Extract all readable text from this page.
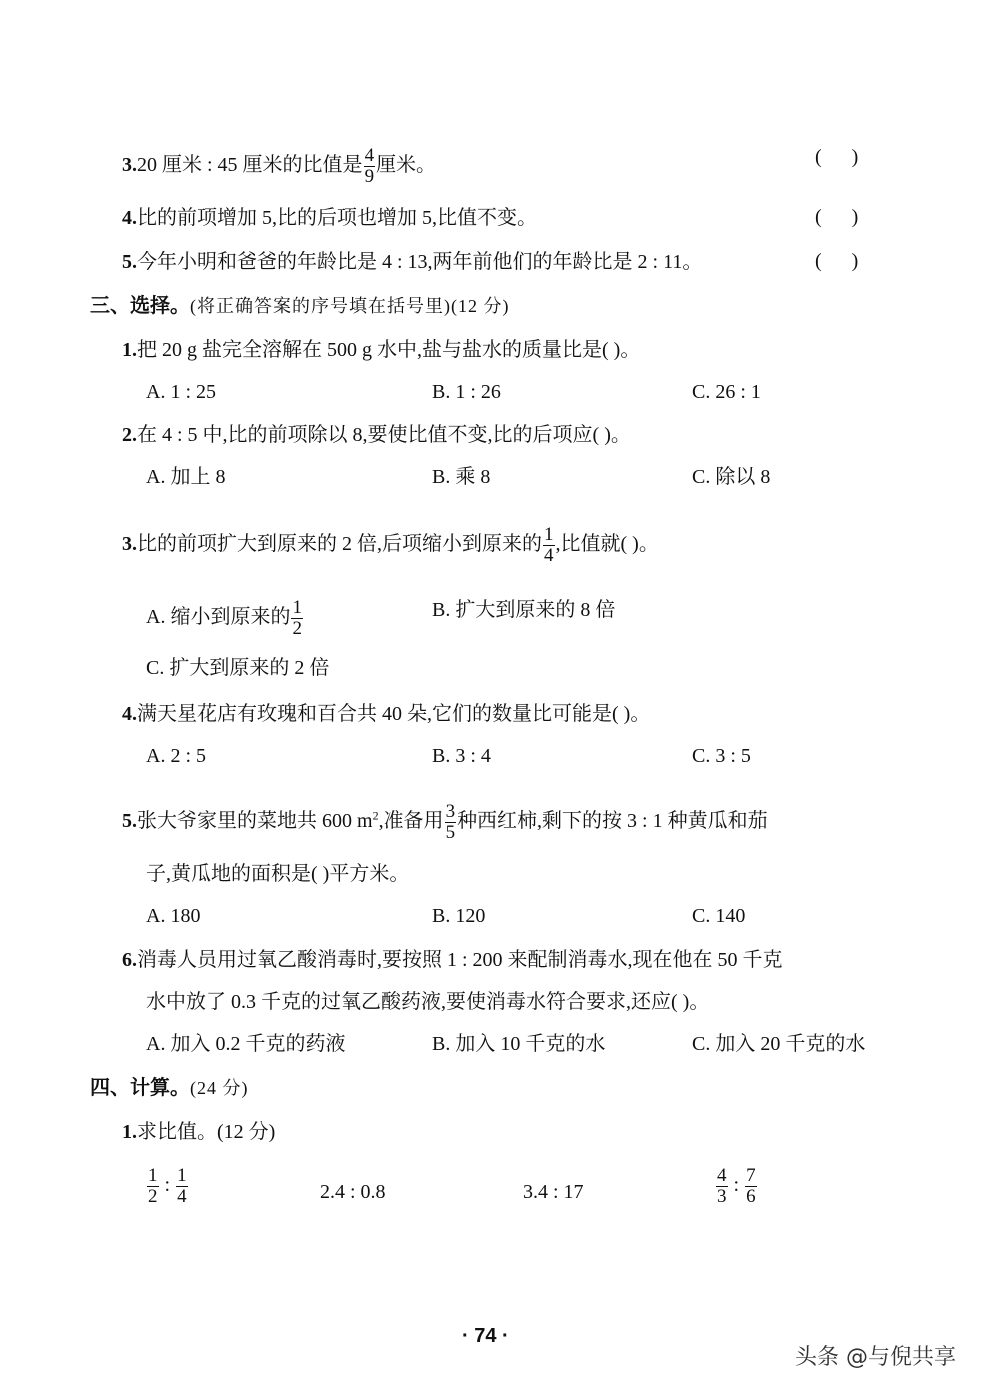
3.20 厘米 : 45 厘米的比值是 $\frac{4}{9}$ 厘米。	(      )
4.比的前项增加 5,比的后项也增加 5,比值不变。	(      )
5.今年小明和爸爸的年龄比是 4 : 13,两年前他们的年龄比是 2 : 11。	(      )
三、选择。(将正确答案的序号填在括号里)(12 分)
1.把 20 g 盐完全溶解在 500 g 水中,盐与盐水的质量比是( )。
A. 1 : 25	B. 1 : 26	C. 26 : 1
2.在 4 : 5 中,比的前项除以 8,要使比值不变,比的后项应( )。
A. 加上 8	B. 乘 8	C. 除以 8
3.比的前项扩大到原来的 2 倍,后项缩小到原来的 $\frac{1}{4}$ ,比值就( )。
A. 缩小到原来的 $\frac{1}{2}$	B. 扩大到原来的 8 倍
C. 扩大到原来的 2 倍
4.满天星花店有玫瑰和百合共 40 朵,它们的数量比可能是( )。
A. 2 : 5	B. 3 : 4	C. 3 : 5
5.张大爷家里的菜地共 600 $m^2$,准备用 $\frac{3}{5}$ 种西红柿,剩下的按 3 : 1 种黄瓜和茄
子,黄瓜地的面积是( )平方米。
A. 180	B. 120	C. 140
6.消毒人员用过氧乙酸消毒时,要按照 1 : 200 来配制消毒水,现在他在 50 千克
水中放了 0.3 千克的过氧乙酸药液,要使消毒水符合要求,还应( )。
A. 加入 0.2 千克的药液	B. 加入 10 千克的水	C. 加入 20 千克的水
四、计算。(24 分)
1.求比值。(12 分)
$\frac{1}{2}$ : $\frac{1}{4}$	2.4 : 0.8	3.4 : 17	$\frac{4}{3}$ : $\frac{7}{6}$
· 74 ·
头条 @与倪共享
